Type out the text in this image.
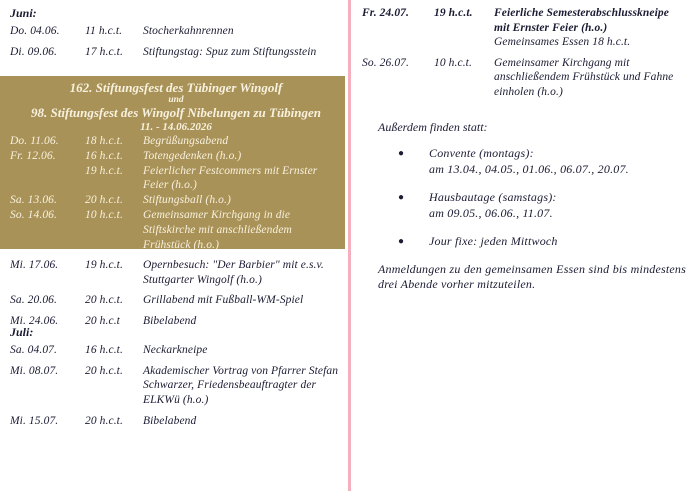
Juni:
Do. 04.06.	11 h.c.t.	Stocherkahnrennen
Di. 09.06.	17 h.c.t.	Stiftungstag: Spuz zum Stiftungsstein
162. Stiftungsfest des Tübinger Wingolf
und
98. Stiftungsfest des Wingolf Nibelungen zu Tübingen
11. - 14.06.2026
Do. 11.06.	18 h.c.t.	Begrüßungsabend
Fr. 12.06.	16 h.c.t.	Totengedenken (h.o.)
19 h.c.t.	Feierlicher Festcommers mit Ernster Feier (h.o.)
Sa. 13.06.	20 h.c.t.	Stiftungsball (h.o.)
So. 14.06.	10 h.c.t.	Gemeinsamer Kirchgang in die Stiftskirche mit anschließendem Frühstück (h.o.)
Mi. 17.06.	19 h.c.t.	Opernbesuch: "Der Barbier" mit e.s.v. Stuttgarter Wingolf (h.o.)
Sa. 20.06.	20 h.c.t.	Grillabend mit Fußball-WM-Spiel
Mi. 24.06.	20 h.c.t	Bibelabend
Juli:
Sa. 04.07.	16 h.c.t.	Neckarkneipe
Mi. 08.07.	20 h.c.t.	Akademischer Vortrag von Pfarrer Stefan Schwarzer, Friedensbeauftragter der ELKWü (h.o.)
Mi. 15.07.	20 h.c.t.	Bibelabend
Fr. 24.07.	19 h.c.t.	Feierliche Semesterabschlusskneipe mit Ernster Feier (h.o.)
Gemeinsames Essen 18 h.c.t.
So. 26.07.	10 h.c.t.	Gemeinsamer Kirchgang mit anschließendem Frühstück und Fahne einholen (h.o.)
Außerdem finden statt:
●	Convente (montags):
am 13.04., 04.05., 01.06., 06.07., 20.07.
●	Hausbautage (samstags):
am 09.05., 06.06., 11.07.
●	Jour fixe: jeden Mittwoch
Anmeldungen zu den gemeinsamen Essen sind bis mindestens drei Abende vorher mitzuteilen.
